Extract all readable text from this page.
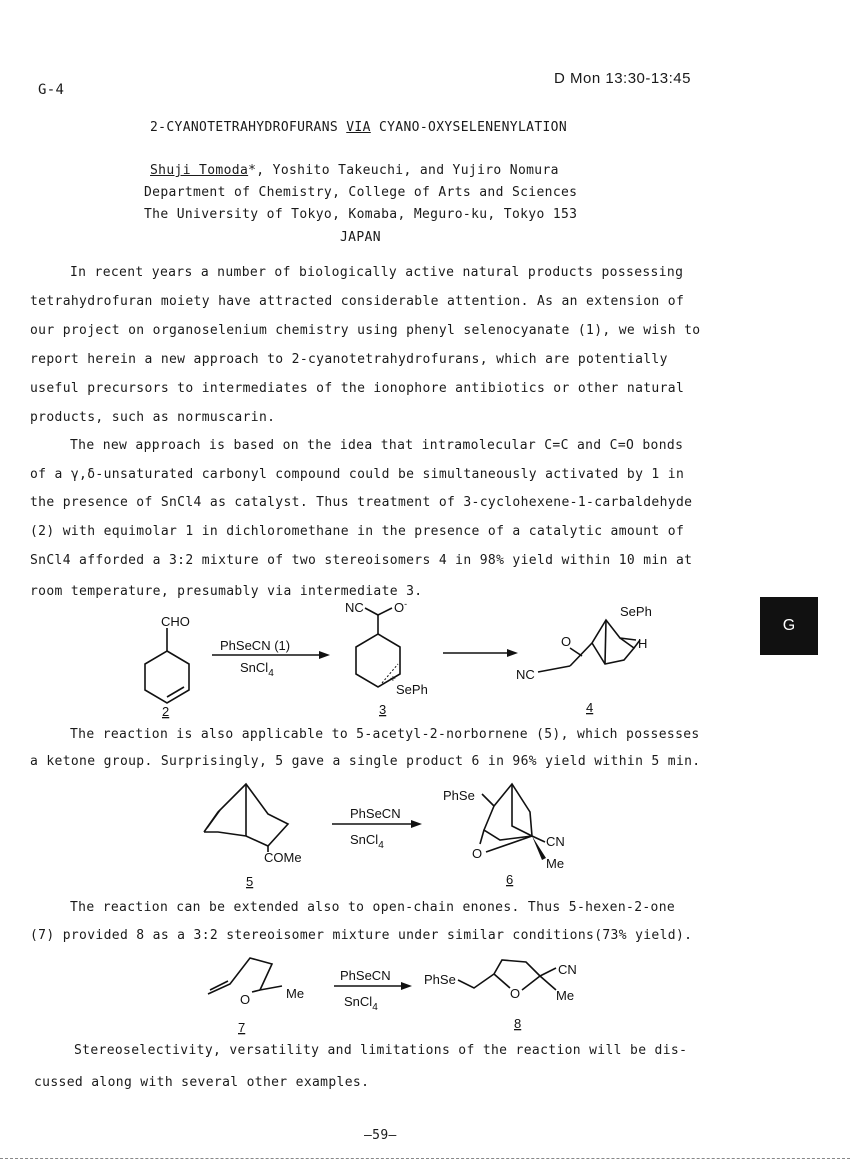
G-4
D Mon 13:30-13:45
2-CYANOTETRAHYDROFURANS VIA CYANO-OXYSELENENYLATION
Shuji Tomoda*, Yoshito Takeuchi, and Yujiro Nomura
Department of Chemistry, College of Arts and Sciences
The University of Tokyo, Komaba, Meguro-ku, Tokyo 153
JAPAN
In recent years a number of biologically active natural products possessing
tetrahydrofuran moiety have attracted considerable attention. As an extension of
our project on organoselenium chemistry using phenyl selenocyanate (1), we wish to
report herein a new approach to 2-cyanotetrahydrofurans, which are potentially
useful precursors to intermediates of the ionophore antibiotics or other natural
products, such as normuscarin.
The new approach is based on the idea that intramolecular C=C and C=O bonds
of a γ,δ-unsaturated carbonyl compound could be simultaneously activated by 1 in
the presence of SnCl4 as catalyst. Thus treatment of 3-cyclohexene-1-carbaldehyde
(2) with equimolar 1 in dichloromethane in the presence of a catalytic amount of
SnCl4 afforded a 3:2 mixture of two stereoisomers 4 in 98% yield within 10 min at
room temperature, presumably via intermediate 3.
CHO
PhSeCN (1)
SnCl$_4$
NC O-
+
SePh
SePh
H
O
NC
2	3	4
The reaction is also applicable to 5-acetyl-2-norbornene (5), which possesses
a ketone group. Surprisingly, 5 gave a single product 6 in 96% yield within 5 min.
COMe
PhSeCN
SnCl$_4$
PhSe
O
CN
Me
5	6
The reaction can be extended also to open-chain enones. Thus 5-hexen-2-one
(7) provided 8 as a 3:2 stereoisomer mixture under similar conditions(73% yield).
O	Me
PhSeCN
SnCl$_4$
PhSe
O
CN
Me
7	8
Stereoselectivity, versatility and limitations of the reaction will be dis-
cussed along with several other examples.
G
—59—
